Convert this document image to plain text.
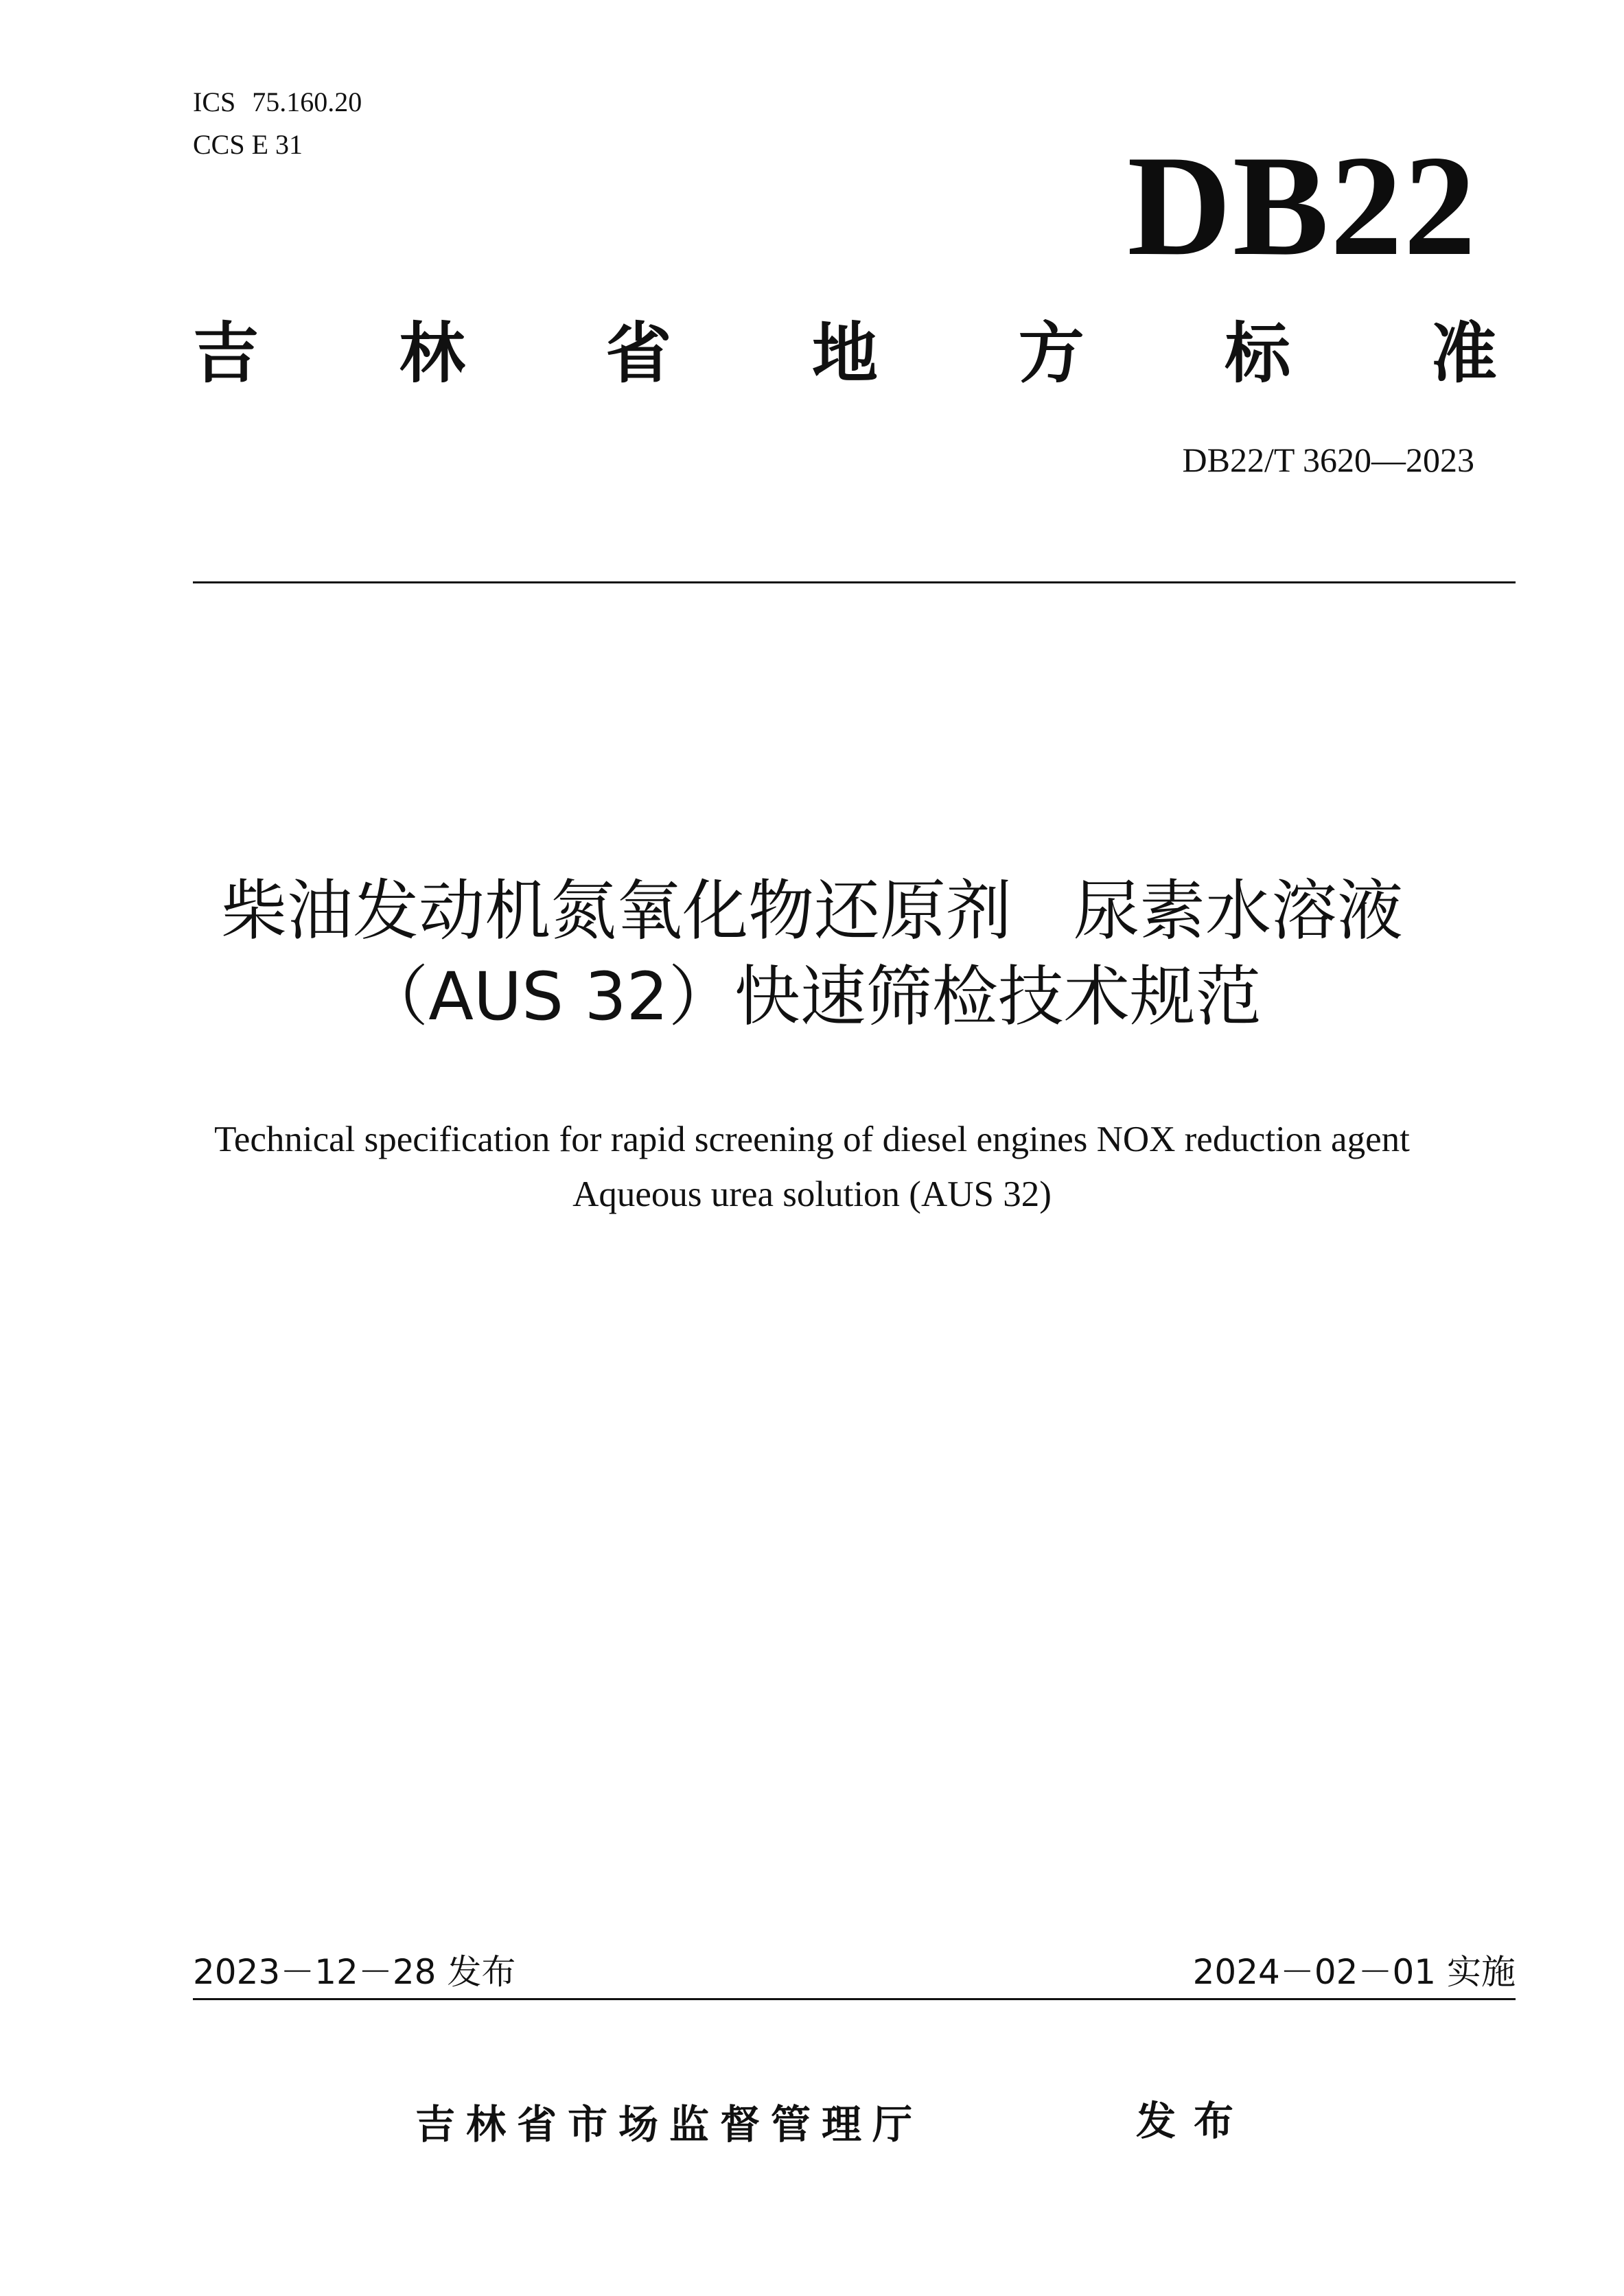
ICS 75.160.20
CCS E 31	DB22
吉 林 省 地 方 标 准
DB22/T 3620—2023
柴油发动机氮氧化物还原剂 尿素水溶液
（AUS 32）快速筛检技术规范
Technical specification for rapid screening of diesel engines NOX reduction agent
Aqueous urea solution (AUS 32)
2023－12－28 发布	2024－02－01 实施
吉林省市场监督管理厅	发布
